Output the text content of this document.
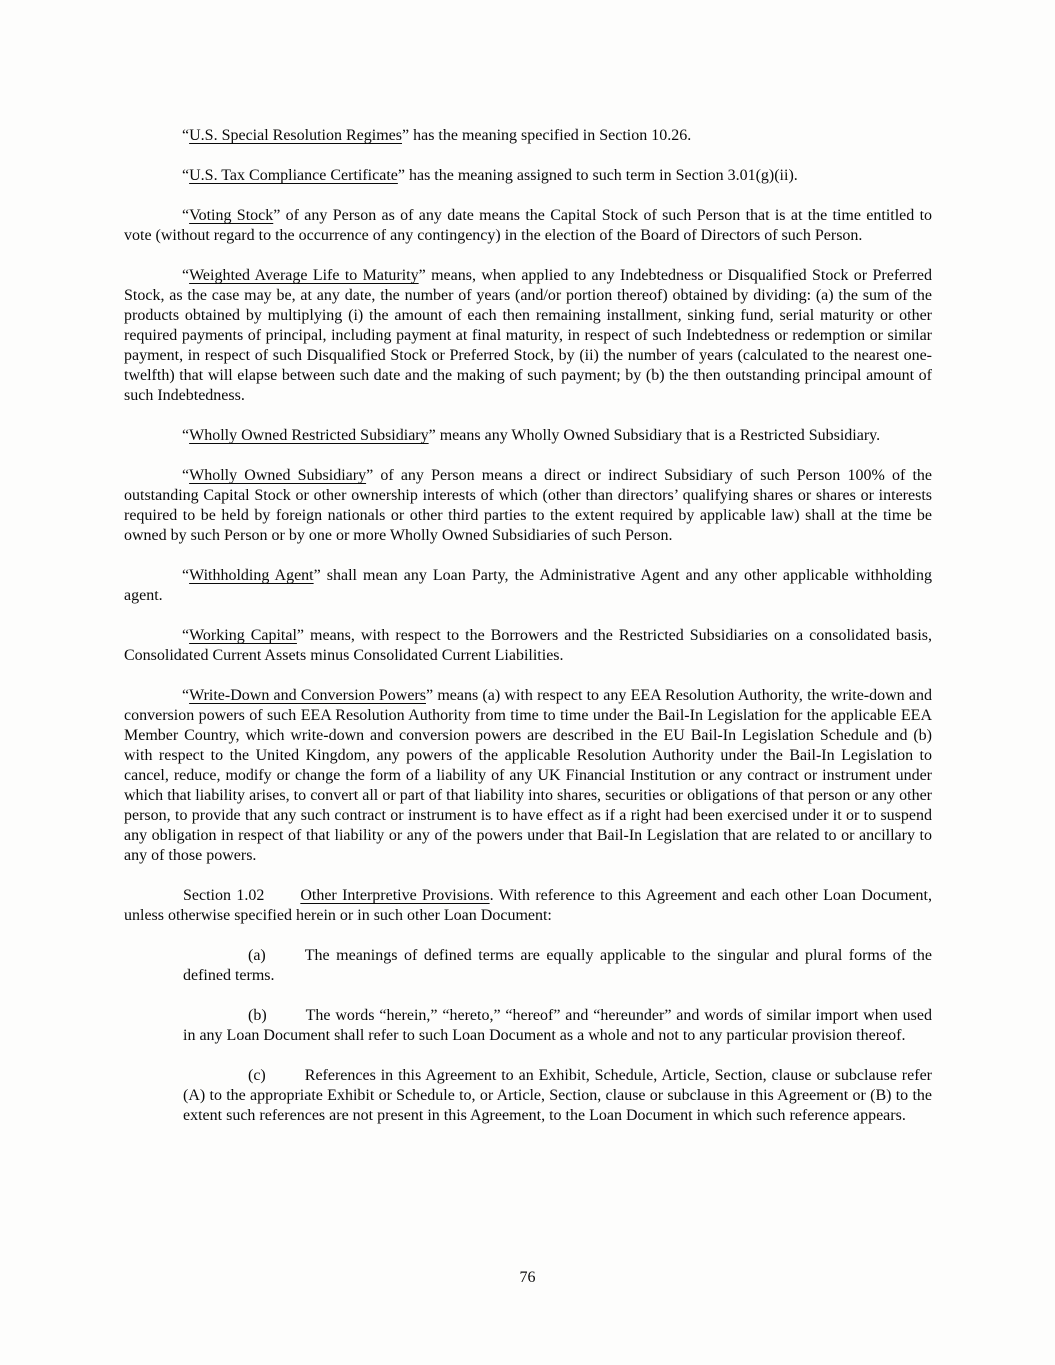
“U.S. Special Resolution Regimes” has the meaning specified in Section 10.26.

“U.S. Tax Compliance Certificate” has the meaning assigned to such term in Section 3.01(g)(ii).

“Voting Stock” of any Person as of any date means the Capital Stock of such Person that is at the time entitled to vote (without regard to the occurrence of any contingency) in the election of the Board of Directors of such Person.

“Weighted Average Life to Maturity” means, when applied to any Indebtedness or Disqualified Stock or Preferred Stock, as the case may be, at any date, the number of years (and/or portion thereof) obtained by dividing: (a) the sum of the products obtained by multiplying (i) the amount of each then remaining installment, sinking fund, serial maturity or other required payments of principal, including payment at final maturity, in respect of such Indebtedness or redemption or similar payment, in respect of such Disqualified Stock or Preferred Stock, by (ii) the number of years (calculated to the nearest one-twelfth) that will elapse between such date and the making of such payment; by (b) the then outstanding principal amount of such Indebtedness.

“Wholly Owned Restricted Subsidiary” means any Wholly Owned Subsidiary that is a Restricted Subsidiary.

“Wholly Owned Subsidiary” of any Person means a direct or indirect Subsidiary of such Person 100% of the outstanding Capital Stock or other ownership interests of which (other than directors’ qualifying shares or shares or interests required to be held by foreign nationals or other third parties to the extent required by applicable law) shall at the time be owned by such Person or by one or more Wholly Owned Subsidiaries of such Person.

“Withholding Agent” shall mean any Loan Party, the Administrative Agent and any other applicable withholding agent.

“Working Capital” means, with respect to the Borrowers and the Restricted Subsidiaries on a consolidated basis, Consolidated Current Assets minus Consolidated Current Liabilities.

“Write-Down and Conversion Powers” means (a) with respect to any EEA Resolution Authority, the write-down and conversion powers of such EEA Resolution Authority from time to time under the Bail-In Legislation for the applicable EEA Member Country, which write-down and conversion powers are described in the EU Bail-In Legislation Schedule and (b) with respect to the United Kingdom, any powers of the applicable Resolution Authority under the Bail-In Legislation to cancel, reduce, modify or change the form of a liability of any UK Financial Institution or any contract or instrument under which that liability arises, to convert all or part of that liability into shares, securities or obligations of that person or any other person, to provide that any such contract or instrument is to have effect as if a right had been exercised under it or to suspend any obligation in respect of that liability or any of the powers under that Bail-In Legislation that are related to or ancillary to any of those powers.

Section 1.02 Other Interpretive Provisions. With reference to this Agreement and each other Loan Document, unless otherwise specified herein or in such other Loan Document:

(a) The meanings of defined terms are equally applicable to the singular and plural forms of the defined terms.

(b) The words “herein,” “hereto,” “hereof” and “hereunder” and words of similar import when used in any Loan Document shall refer to such Loan Document as a whole and not to any particular provision thereof.

(c) References in this Agreement to an Exhibit, Schedule, Article, Section, clause or subclause refer (A) to the appropriate Exhibit or Schedule to, or Article, Section, clause or subclause in this Agreement or (B) to the extent such references are not present in this Agreement, to the Loan Document in which such reference appears.

76
